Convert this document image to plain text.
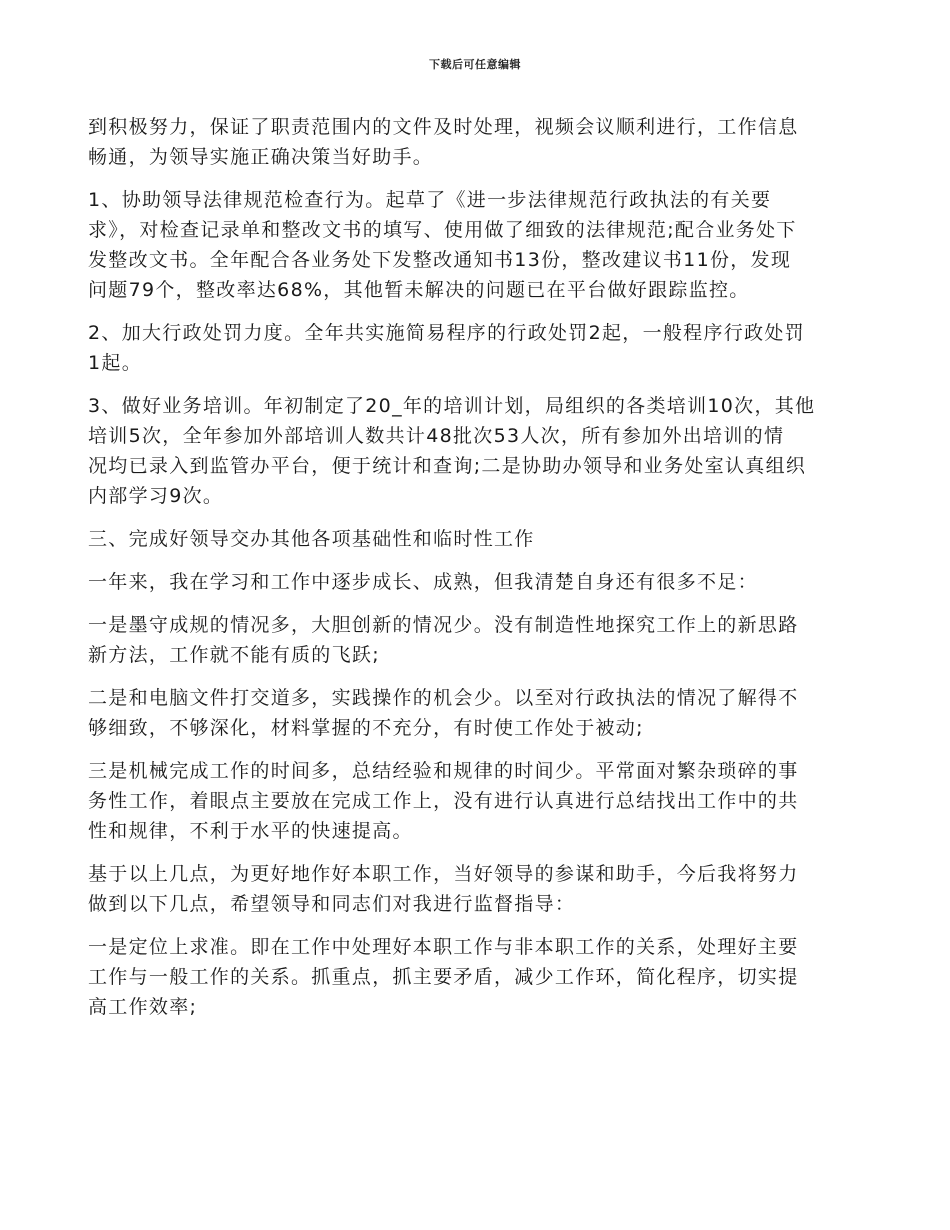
下载后可任意编辑

到积极努力，保证了职责范围内的文件及时处理，视频会议顺利进行，工作信息
畅通，为领导实施正确决策当好助手。

1、协助领导法律规范检查行为。起草了《进一步法律规范行政执法的有关要
求》，对检查记录单和整改文书的填写、使用做了细致的法律规范;配合业务处下
发整改文书。全年配合各业务处下发整改通知书13份，整改建议书11份，发现
问题79个，整改率达68%，其他暂未解决的问题已在平台做好跟踪监控。

2、加大行政处罚力度。全年共实施简易程序的行政处罚2起，一般程序行政处罚
1起。

3、做好业务培训。年初制定了20_年的培训计划，局组织的各类培训10次，其他
培训5次，全年参加外部培训人数共计48批次53人次，所有参加外出培训的情
况均已录入到监管办平台，便于统计和查询;二是协助办领导和业务处室认真组织
内部学习9次。

三、完成好领导交办其他各项基础性和临时性工作

一年来，我在学习和工作中逐步成长、成熟，但我清楚自身还有很多不足：

一是墨守成规的情况多，大胆创新的情况少。没有制造性地探究工作上的新思路
新方法，工作就不能有质的飞跃;

二是和电脑文件打交道多，实践操作的机会少。以至对行政执法的情况了解得不
够细致，不够深化，材料掌握的不充分，有时使工作处于被动;

三是机械完成工作的时间多，总结经验和规律的时间少。平常面对繁杂琐碎的事
务性工作，着眼点主要放在完成工作上，没有进行认真进行总结找出工作中的共
性和规律，不利于水平的快速提高。

基于以上几点，为更好地作好本职工作，当好领导的参谋和助手，今后我将努力
做到以下几点，希望领导和同志们对我进行监督指导：

一是定位上求准。即在工作中处理好本职工作与非本职工作的关系，处理好主要
工作与一般工作的关系。抓重点，抓主要矛盾，减少工作环，简化程序，切实提
高工作效率;
